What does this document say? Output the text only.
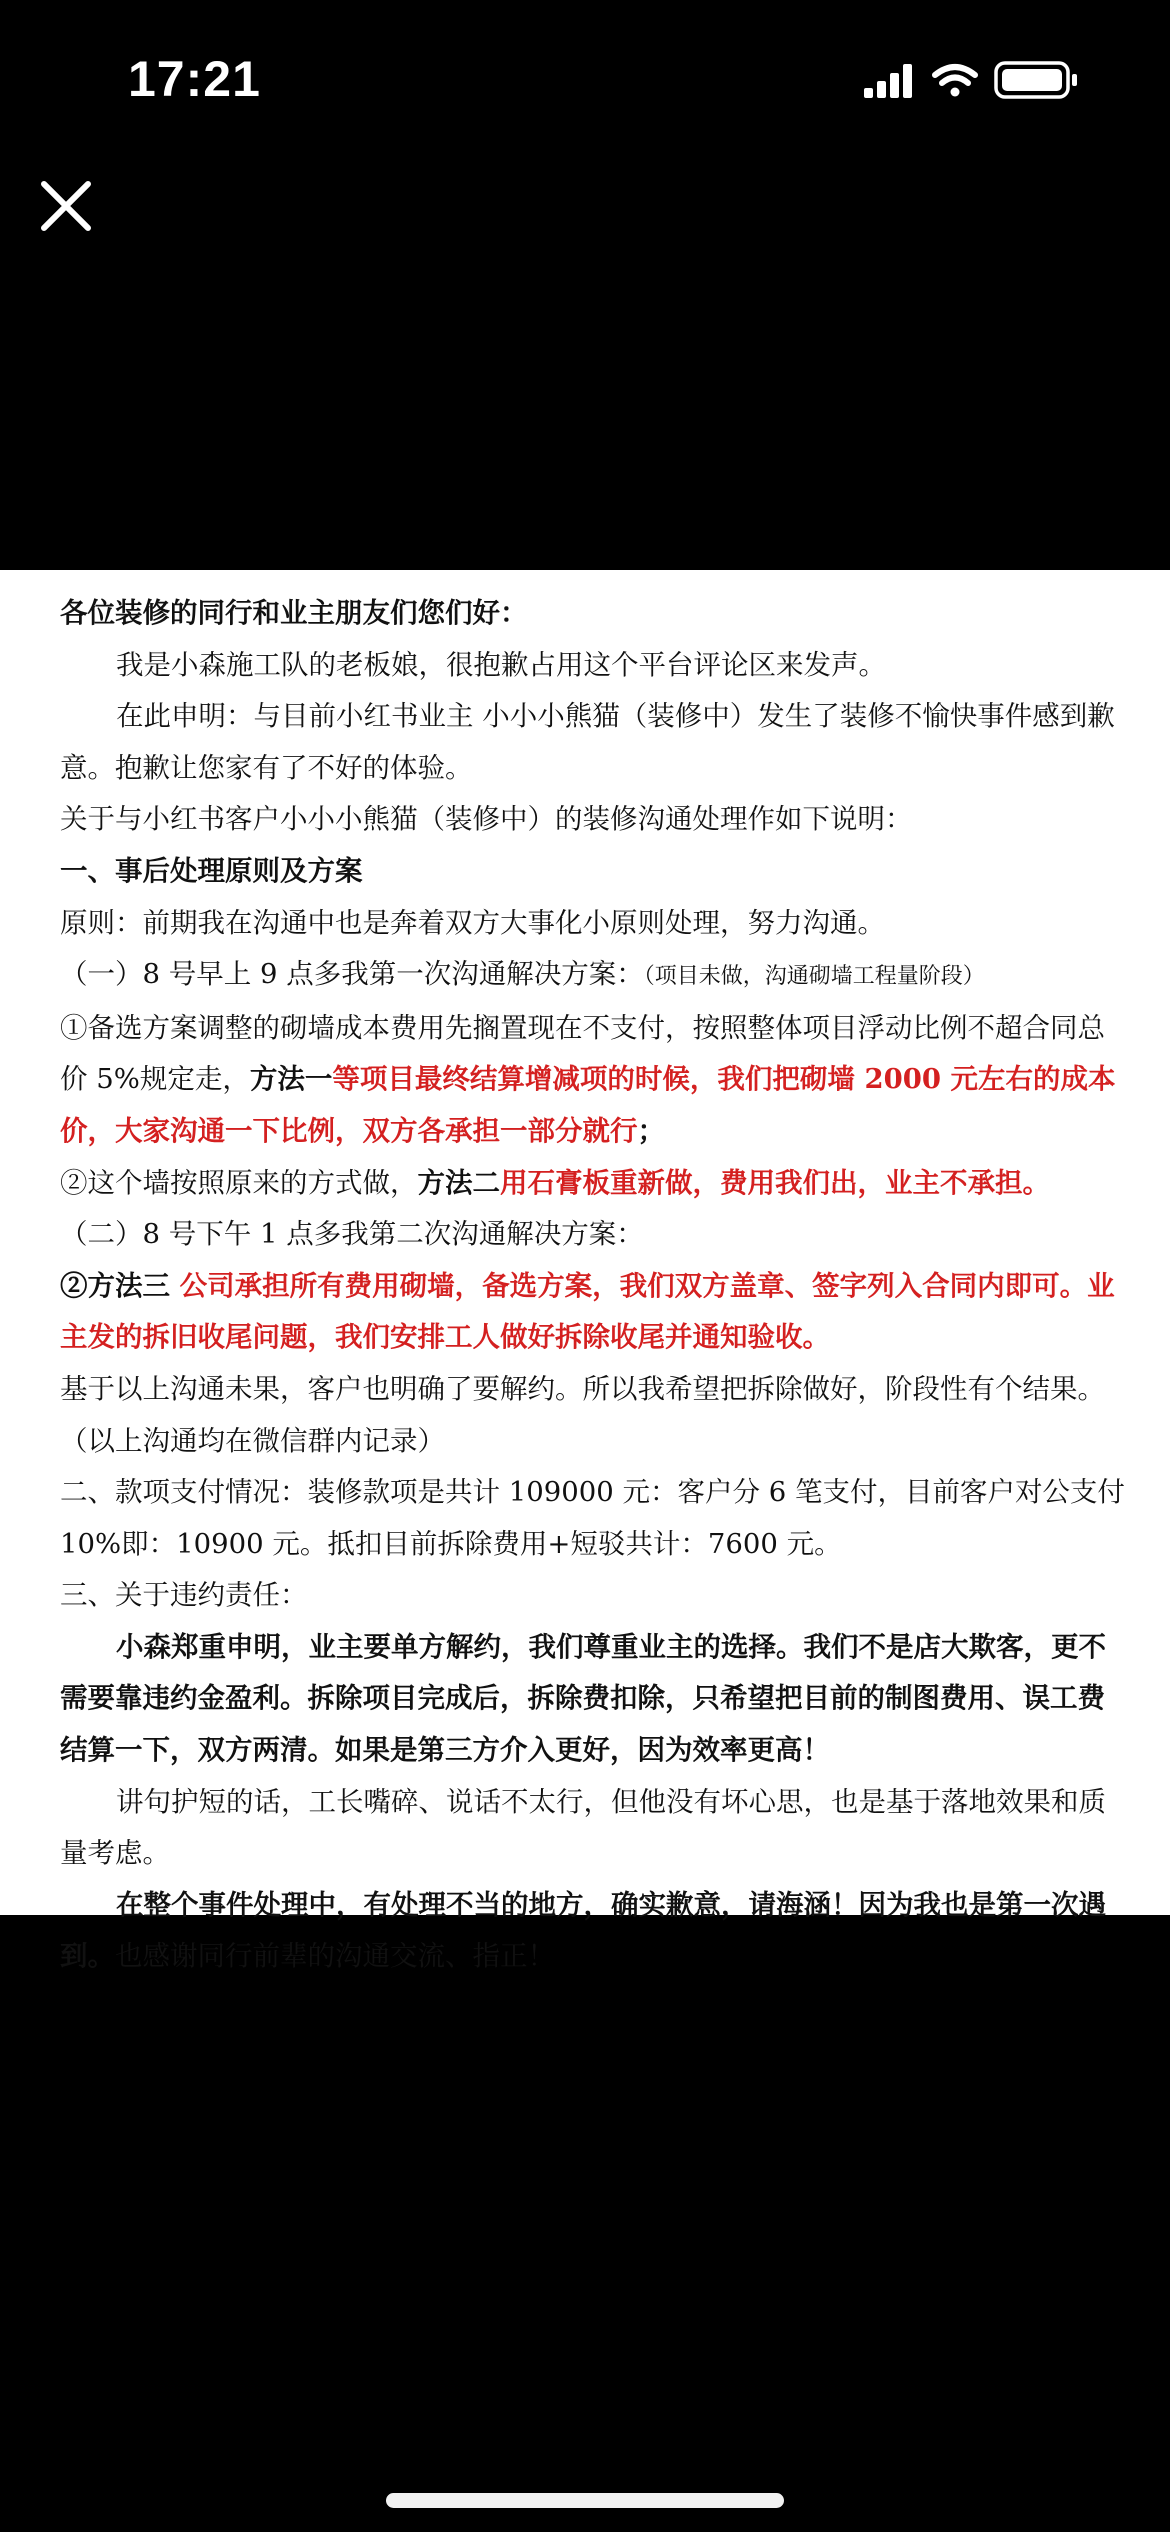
17:21

各位装修的同行和业主朋友们您们好：

我是小森施工队的老板娘，很抱歉占用这个平台评论区来发声。

在此申明：与目前小红书业主 小小小熊猫（装修中）发生了装修不愉快事件感到歉意。抱歉让您家有了不好的体验。

关于与小红书客户小小小熊猫（装修中）的装修沟通处理作如下说明：

一、事后处理原则及方案

原则：前期我在沟通中也是奔着双方大事化小原则处理，努力沟通。

（一）8 号早上 9 点多我第一次沟通解决方案：（项目未做，沟通砌墙工程量阶段）

①备选方案调整的砌墙成本费用先搁置现在不支付，按照整体项目浮动比例不超合同总价 5%规定走，方法一等项目最终结算增减项的时候，我们把砌墙 2000 元左右的成本价，大家沟通一下比例，双方各承担一部分就行；

②这个墙按照原来的方式做，方法二用石膏板重新做，费用我们出，业主不承担。

（二）8 号下午 1 点多我第二次沟通解决方案：

②方法三 公司承担所有费用砌墙，备选方案，我们双方盖章、签字列入合同内即可。业主发的拆旧收尾问题，我们安排工人做好拆除收尾并通知验收。

基于以上沟通未果，客户也明确了要解约。所以我希望把拆除做好，阶段性有个结果。 （以上沟通均在微信群内记录）

二、款项支付情况：装修款项是共计 109000 元：客户分 6 笔支付，目前客户对公支付 10%即：10900 元。抵扣目前拆除费用+短驳共计：7600 元。

三、关于违约责任：

小森郑重申明，业主要单方解约，我们尊重业主的选择。我们不是店大欺客，更不需要靠违约金盈利。拆除项目完成后，拆除费扣除，只希望把目前的制图费用、误工费结算一下，双方两清。如果是第三方介入更好，因为效率更高！

讲句护短的话，工长嘴碎、说话不太行，但他没有坏心思，也是基于落地效果和质量考虑。

在整个事件处理中，有处理不当的地方，确实歉意，请海涵！因为我也是第一次遇到。也感谢同行前辈的沟通交流、指正！
